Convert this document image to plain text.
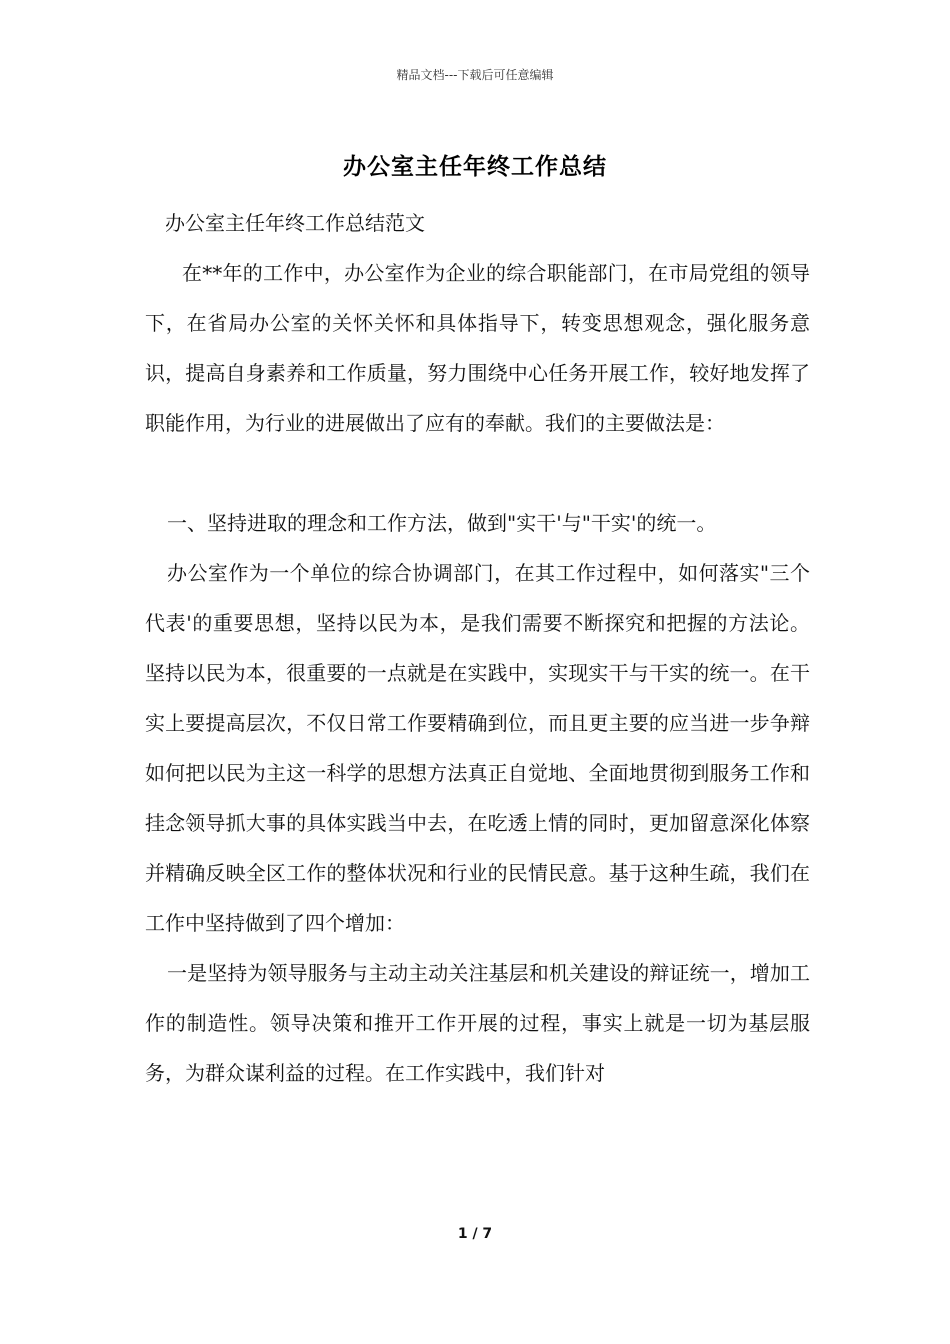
精品文档---下载后可任意编辑
办公室主任年终工作总结

办公室主任年终工作总结范文

在**年的工作中，办公室作为企业的综合职能部门，在市局党组的领导下，在省局办公室的关怀关怀和具体指导下，转变思想观念，强化服务意识，提高自身素养和工作质量，努力围绕中心任务开展工作，较好地发挥了职能作用，为行业的进展做出了应有的奉献。我们的主要做法是：

一、坚持进取的理念和工作方法，做到"实干'与"干实'的统一。

办公室作为一个单位的综合协调部门，在其工作过程中，如何落实"三个代表'的重要思想，坚持以民为本，是我们需要不断探究和把握的方法论。坚持以民为本，很重要的一点就是在实践中，实现实干与干实的统一。在干实上要提高层次，不仅日常工作要精确到位，而且更主要的应当进一步争辩如何把以民为主这一科学的思想方法真正自觉地、全面地贯彻到服务工作和挂念领导抓大事的具体实践当中去，在吃透上情的同时，更加留意深化体察并精确反映全区工作的整体状况和行业的民情民意。基于这种生疏，我们在工作中坚持做到了四个增加：

一是坚持为领导服务与主动主动关注基层和机关建设的辩证统一，增加工作的制造性。领导决策和推开工作开展的过程，事实上就是一切为基层服务，为群众谋利益的过程。在工作实践中，我们针对

1 / 7
